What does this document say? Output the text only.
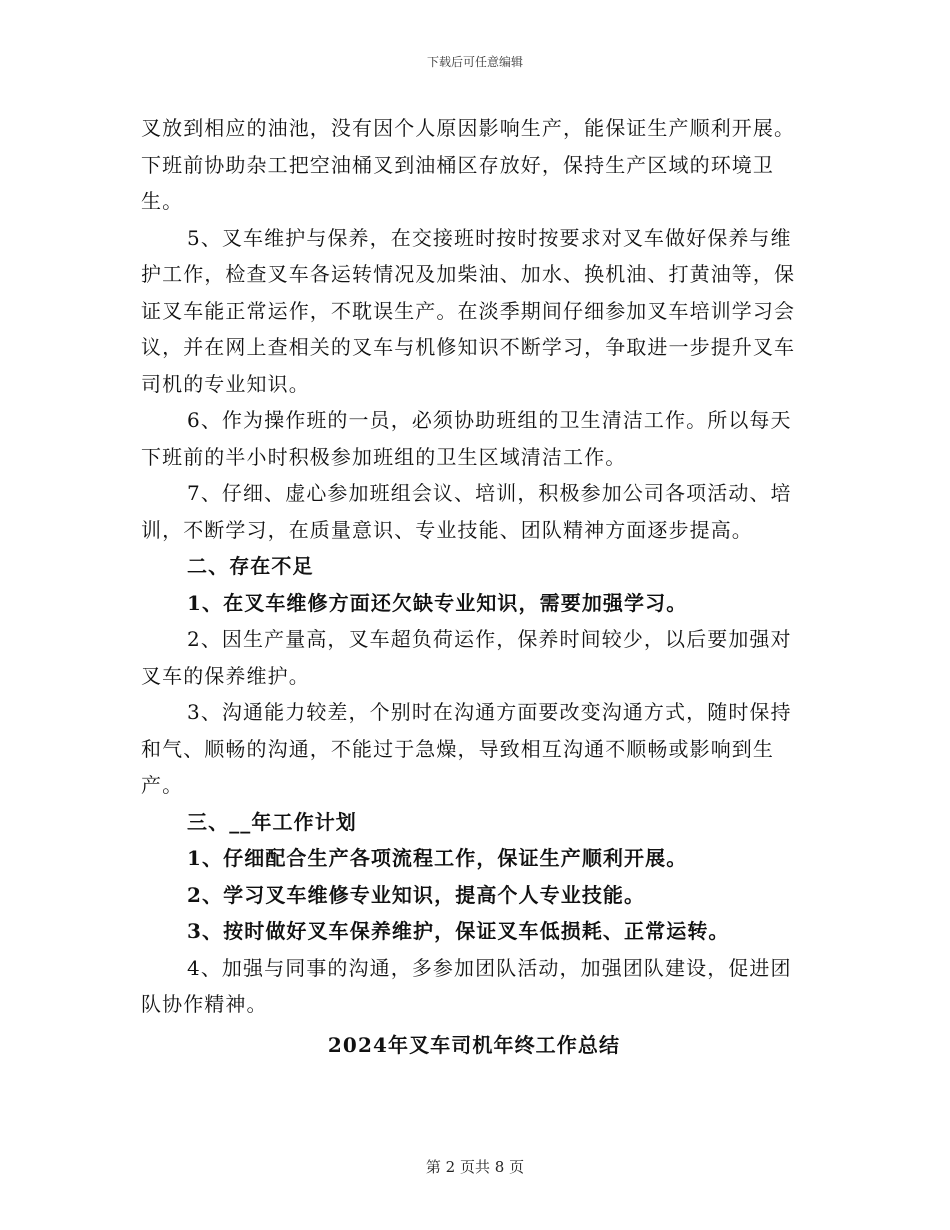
下载后可任意编辑

叉放到相应的油池，没有因个人原因影响生产，能保证生产顺利开展。下班前协助杂工把空油桶叉到油桶区存放好，保持生产区域的环境卫生。

5、叉车维护与保养，在交接班时按时按要求对叉车做好保养与维护工作，检查叉车各运转情况及加柴油、加水、换机油、打黄油等，保证叉车能正常运作，不耽误生产。在淡季期间仔细参加叉车培训学习会议，并在网上查相关的叉车与机修知识不断学习，争取进一步提升叉车司机的专业知识。

6、作为操作班的一员，必须协助班组的卫生清洁工作。所以每天下班前的半小时积极参加班组的卫生区域清洁工作。

7、仔细、虚心参加班组会议、培训，积极参加公司各项活动、培训，不断学习，在质量意识、专业技能、团队精神方面逐步提高。

二、存在不足

1、在叉车维修方面还欠缺专业知识，需要加强学习。

2、因生产量高，叉车超负荷运作，保养时间较少，以后要加强对叉车的保养维护。

3、沟通能力较差，个别时在沟通方面要改变沟通方式，随时保持和气、顺畅的沟通，不能过于急燥，导致相互沟通不顺畅或影响到生产。

三、__年工作计划

1、仔细配合生产各项流程工作，保证生产顺利开展。

2、学习叉车维修专业知识，提高个人专业技能。

3、按时做好叉车保养维护，保证叉车低损耗、正常运转。

4、加强与同事的沟通，多参加团队活动，加强团队建设，促进团队协作精神。

2024年叉车司机年终工作总结

第 2 页共 8 页
